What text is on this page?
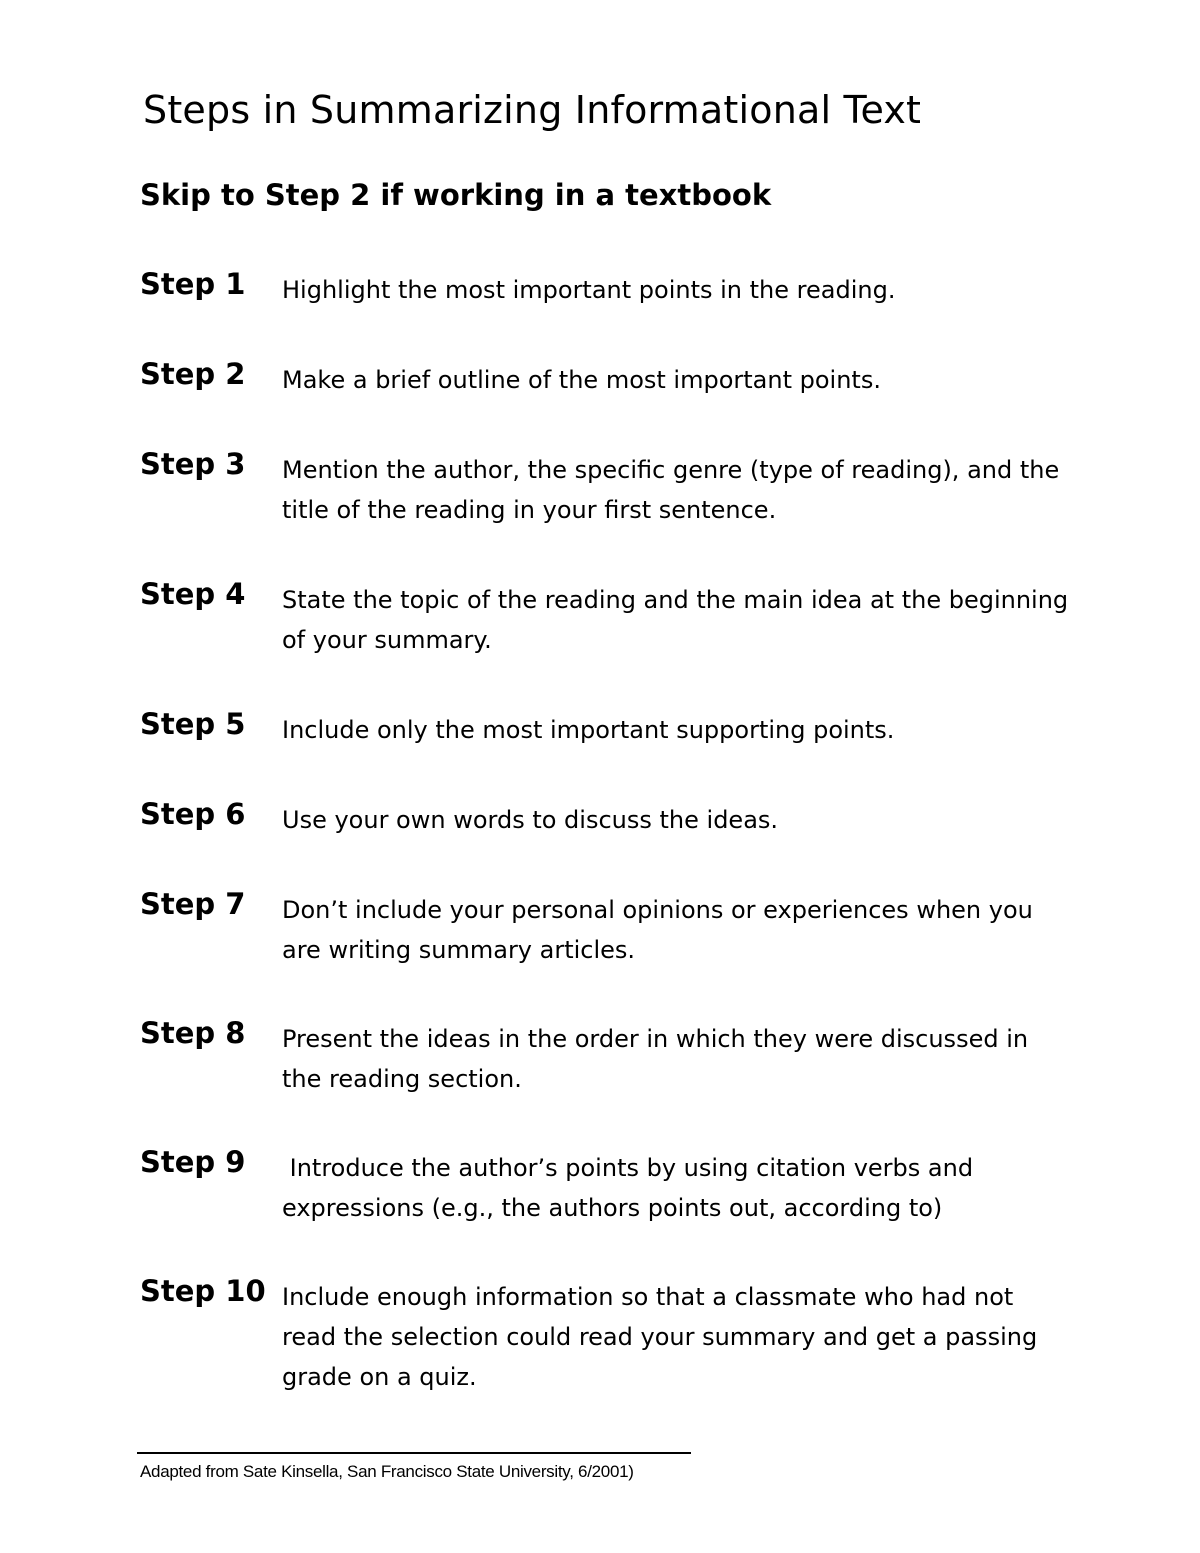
Steps in Summarizing Informational Text
Skip to Step 2 if working in a textbook
Step 1 Highlight the most important points in the reading.
Step 2 Make a brief outline of the most important points.
Step 3 Mention the author, the specific genre (type of reading), and the title of the reading in your first sentence.
Step 4 State the topic of the reading and the main idea at the beginning of your summary.
Step 5 Include only the most important supporting points.
Step 6 Use your own words to discuss the ideas.
Step 7 Don’t include your personal opinions or experiences when you are writing summary articles.
Step 8 Present the ideas in the order in which they were discussed in the reading section.
Step 9 Introduce the author’s points by using citation verbs and expressions (e.g., the authors points out, according to)
Step 10 Include enough information so that a classmate who had not read the selection could read your summary and get a passing grade on a quiz.
Adapted from Sate Kinsella, San Francisco State University, 6/2001)
